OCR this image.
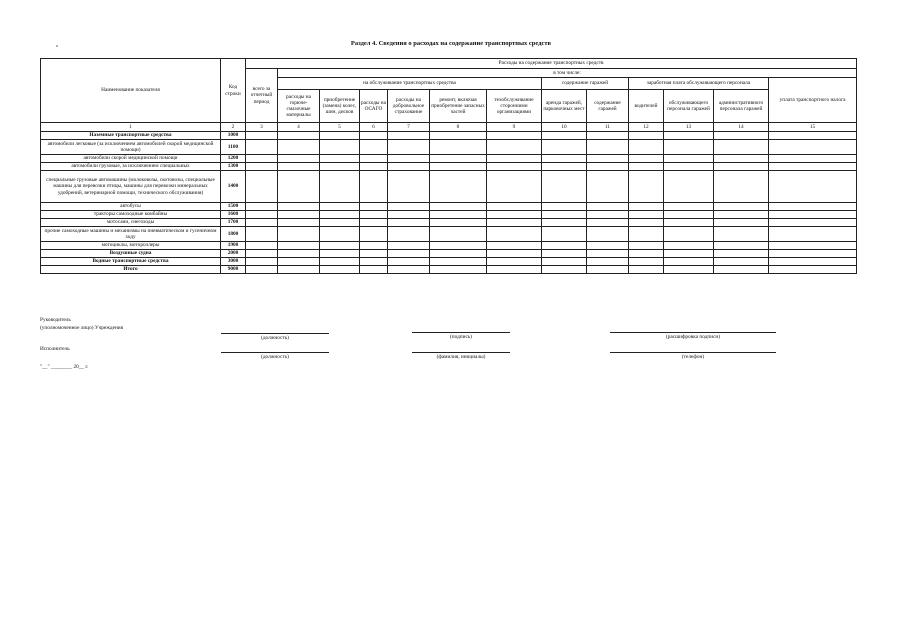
Раздел 4. Сведения о расходах на содержание транспортных средств
Наименование показателя	Код строки	Расходы на содержание транспортных средств												
		всего за отчетный период	в том числе:											
			на обслуживание транспортных средства						содержание гаражей		заработная плата обслуживающего персонала			уплата транспортного налога
			расходы на горюче-смазочные материалы	приобретение (замена) колес, шин, дисков	расходы на ОСАГО	расходы на добровольное страхование	ремонт, включая приобретение запасных частей	техобслуживание сторонними организациями	аренда гаражей, парковочных мест	содержание гаражей	водителей	обслуживающего персонала гаражей	административного персонала гаражей	
1	2	3	4	5	6	7	8	9	10	11	12	13	14	15
Наземные транспортные средства	1000													
автомобили легковые (за исключением автомобилей скорой медицинской помощи)	1100													
автомобили скорой медицинской помощи	1200													
автомобили грузовые, за исключением специальных	1300													
специальные грузовые автомашины (молоковозы, скотовозы, специальные машины для перевозки птицы, машины для перевозки минеральных удобрений, ветеринарной помощи, технического обслуживания)	1400													
автобусы	1500													
тракторы самоходные комбайны	1600													
мотосани, снегоходы	1700													
прочие самоходные машины и механизмы на пневматическом и гусеничном ходу	1800													
мотоциклы, мотороллеры	1900													
Воздушные судна	2000													
Водные транспортные средства	3000													
Итого	9000													
Руководитель
(уполномоченное лицо) Учреждения
(должность)	(подпись)	(расшифровка подписи)
Исполнитель
(должность)	(фамилия, инициалы)	(телефон)
"__" ________ 20__ г.
